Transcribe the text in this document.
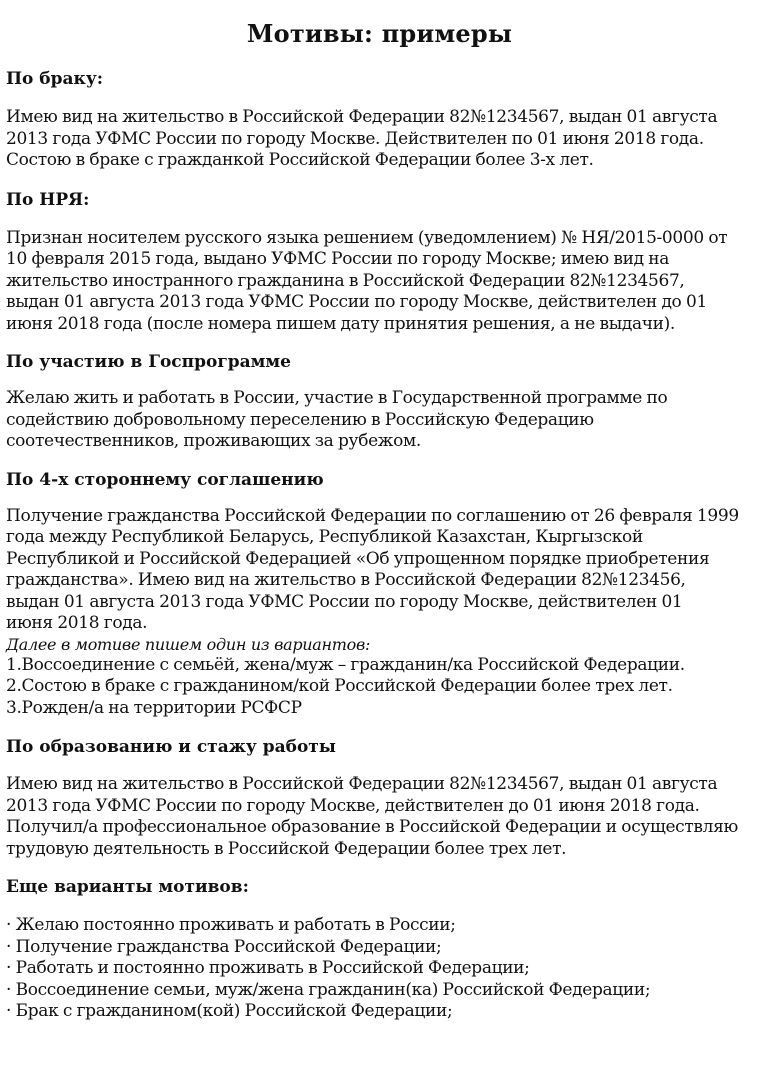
Мотивы: примеры
По браку:

Имею вид на жительство в Российской Федерации 82№1234567, выдан 01 августа
2013 года УФМС России по городу Москве. Действителен по 01 июня 2018 года.
Состою в браке с гражданкой Российской Федерации более 3-х лет.

По НРЯ:

Признан носителем русского языка решением (уведомлением) № НЯ/2015-0000 от
10 февраля 2015 года, выдано УФМС России по городу Москве; имею вид на
жительство иностранного гражданина в Российской Федерации 82№1234567,
выдан 01 августа 2013 года УФМС России по городу Москве, действителен до 01
июня 2018 года (после номера пишем дату принятия решения, а не выдачи).

По участию в Госпрограмме

Желаю жить и работать в России, участие в Государственной программе по
содействию добровольному переселению в Российскую Федерацию
соотечественников, проживающих за рубежом.

По 4-х стороннему соглашению

Получение гражданства Российской Федерации по соглашению от 26 февраля 1999
года между Республикой Беларусь, Республикой Казахстан, Кыргызской
Республикой и Российской Федерацией «Об упрощенном порядке приобретения
гражданства». Имею вид на жительство в Российской Федерации 82№123456,
выдан 01 августа 2013 года УФМС России по городу Москве, действителен 01
июня 2018 года.

Далее в мотиве пишем один из вариантов:

1.Воссоединение с семьёй, жена/муж – гражданин/ка Российской Федерации.
2.Состою в браке с гражданином/кой Российской Федерации более трех лет.
3.Рожден/а на территории РСФСР
По образованию и стажу работы

Имею вид на жительство в Российской Федерации 82№1234567, выдан 01 августа
2013 года УФМС России по городу Москве, действителен до 01 июня 2018 года.
Получил/а профессиональное образование в Российской Федерации и осуществляю
трудовую деятельность в Российской Федерации более трех лет.

Еще варианты мотивов:
· Желаю постоянно проживать и работать в России;
· Получение гражданства Российской Федерации;
· Работать и постоянно проживать в Российской Федерации;
· Воссоединение семьи, муж/жена гражданин(ка) Российской Федерации;
· Брак с гражданином(кой) Российской Федерации;
